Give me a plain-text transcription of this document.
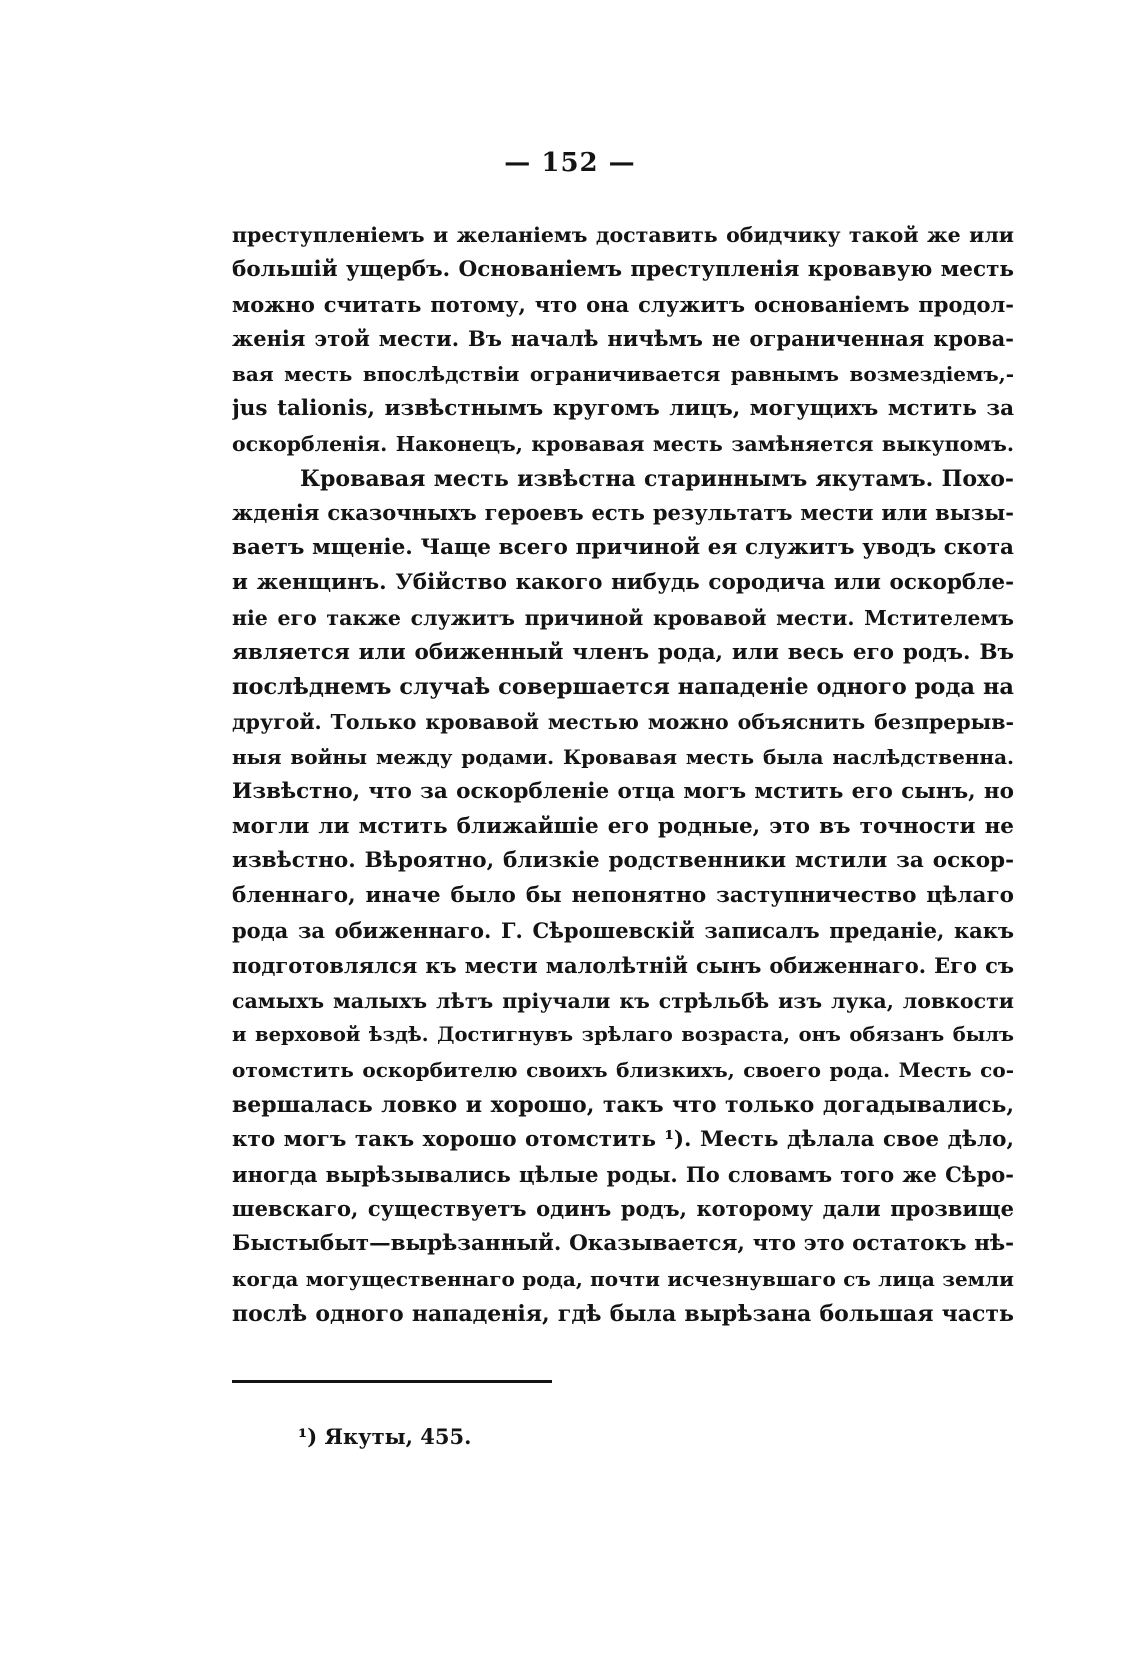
— 152 —
преступленіемъ и желаніемъ доставить обидчику такой же или
большій ущербъ. Основаніемъ преступленія кровавую месть
можно считать потому, что она служитъ основаніемъ продол-
женія этой мести. Въ началѣ ничѣмъ не ограниченная крова-
вая месть впослѣдствіи ограничивается равнымъ возмездіемъ,-
jus talionis, извѣстнымъ кругомъ лицъ, могущихъ мстить за
оскорбленія. Наконецъ, кровавая месть замѣняется выкупомъ.
Кровавая месть извѣстна стариннымъ якутамъ. Похо-
жденія сказочныхъ героевъ есть результатъ мести или вызы-
ваетъ мщеніе. Чаще всего причиной ея служитъ уводъ скота
и женщинъ. Убійство какого нибудь сородича или оскорбле-
ніе его также служитъ причиной кровавой мести. Мстителемъ
является или обиженный членъ рода, или весь его родъ. Въ
послѣднемъ случаѣ совершается нападеніе одного рода на
другой. Только кровавой местью можно объяснить безпрерыв-
ныя войны между родами. Кровавая месть была наслѣдственна.
Извѣстно, что за оскорбленіе отца могъ мстить его сынъ, но
могли ли мстить ближайшіе его родные, это въ точности не
извѣстно. Вѣроятно, близкіе родственники мстили за оскор-
бленнаго, иначе было бы непонятно заступничество цѣлаго
рода за обиженнаго. Г. Сѣрошевскій записалъ преданіе, какъ
подготовлялся къ мести малолѣтній сынъ обиженнаго. Его съ
самыхъ малыхъ лѣтъ пріучали къ стрѣльбѣ изъ лука, ловкости
и верховой ѣздѣ. Достигнувъ зрѣлаго возраста, онъ обязанъ былъ
отомстить оскорбителю своихъ близкихъ, своего рода. Месть со-
вершалась ловко и хорошо, такъ что только догадывались,
кто могъ такъ хорошо отомстить ¹). Месть дѣлала свое дѣло,
иногда вырѣзывались цѣлые роды. По словамъ того же Сѣро-
шевскаго, существуетъ одинъ родъ, которому дали прозвище
Быстыбыт—вырѣзанный. Оказывается, что это остатокъ нѣ-
когда могущественнаго рода, почти исчезнувшаго съ лица земли
послѣ одного нападенія, гдѣ была вырѣзана большая часть
¹) Якуты, 455.
